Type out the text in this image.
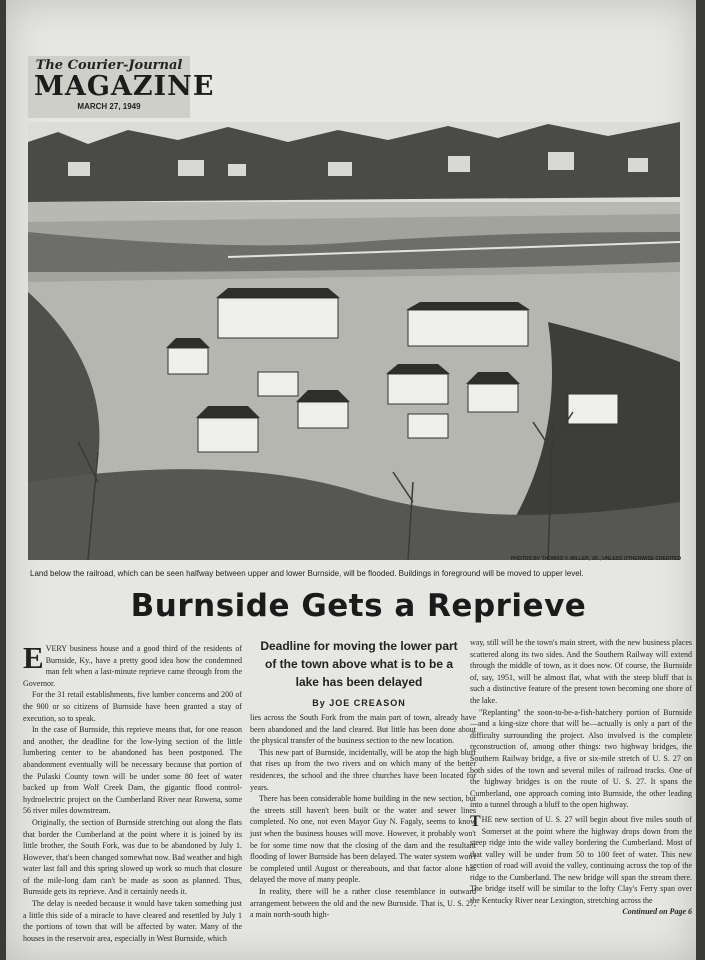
The Courier-Journal
MAGAZINE
MARCH 27, 1949
PHOTOS BY THOMAS V. MILLER, JR., UNLESS OTHERWISE CREDITED
Land below the railroad, which can be seen halfway between upper and lower Burnside, will be flooded. Buildings in foreground will be moved to upper level.
Burnside Gets a Reprieve
E VERY business house and a good third of the residents of Burnside, Ky., have a pretty good idea how the condemned man felt when a last-minute reprieve came through from the Governor.

For the 31 retail establishments, five lumber concerns and 200 of the 900 or so citizens of Burnside have been granted a stay of execution, so to speak.

In the case of Burnside, this reprieve means that, for one reason and another, the deadline for the low-lying section of the little lumbering center to be abandoned has been postponed. The abandonment eventually will be necessary because that portion of the Pulaski County town will be under some 80 feet of water backed up from Wolf Creek Dam, the gigantic flood control-hydroelectric project on the Cumberland River near Rowena, some 56 river miles downstream.

Originally, the section of Burnside stretching out along the flats that border the Cumberland at the point where it is joined by its little brother, the South Fork, was due to be abandoned by July 1. However, that's been changed somewhat now. Bad weather and high water last fall and this spring slowed up work so much that closure of the mile-long dam can't be made as soon as planned. Thus, Burnside gets its reprieve. And it certainly needs it.

The delay is needed because it would have taken something just a little this side of a miracle to have cleared and resettled by July 1 the portions of town that will be affected by water. Many of the houses in the reservoir area, especially in West Burnside, which

Deadline for moving the lower part of the town above what is to be a lake has been delayed
By JOE CREASON

lies across the South Fork from the main part of town, already have been abandoned and the land cleared. But little has been done about the physical transfer of the business section to the new location.

This new part of Burnside, incidentally, will be atop the high bluff that rises up from the two rivers and on which many of the better residences, the school and the three churches have been located for years.

There has been considerable home building in the new section, but the streets still haven't been built or the water and sewer lines completed. No one, not even Mayor Guy N. Fagaly, seems to know just when the business houses will move. However, it probably won't be for some time now that the closing of the dam and the resultant flooding of lower Burnside has been delayed. The water system won't be completed until August or thereabouts, and that factor alone has delayed the move of many people.

In reality, there will be a rather close resemblance in outward arrangement between the old and the new Burnside. That is, U. S. 27, a main north-south high-

way, still will be the town's main street, with the new business places scattered along its two sides. And the Southern Railway will extend through the middle of town, as it does now. Of course, the Burnside of, say, 1951, will be almost flat, what with the steep bluff that is such a distinctive feature of the present town becoming one shore of the lake.

"Replanting" the soon-to-be-a-fish-hatchery portion of Burnside—and a king-size chore that will be—actually is only a part of the difficulty surrounding the project. Also involved is the complete reconstruction of, among other things: two highway bridges, the Southern Railway bridge, a five or six-mile stretch of U. S. 27 on both sides of the town and several miles of railroad tracks. One of the highway bridges is on the route of U. S. 27. It spans the Cumberland, one approach coming into Burnside, the other leading into a tunnel through a bluff to the open highway.

THE new section of U. S. 27 will begin about five miles south of Somerset at the point where the highway drops down from the steep ridge into the wide valley bordering the Cumberland. Most of that valley will be under from 50 to 100 feet of water. This new section of road will avoid the valley, continuing across the top of the ridge to the Cumberland. The new bridge will span the stream there. The bridge itself will be similar to the lofty Clay's Ferry span over the Kentucky River near Lexington, stretching across the

Continued on Page 6
